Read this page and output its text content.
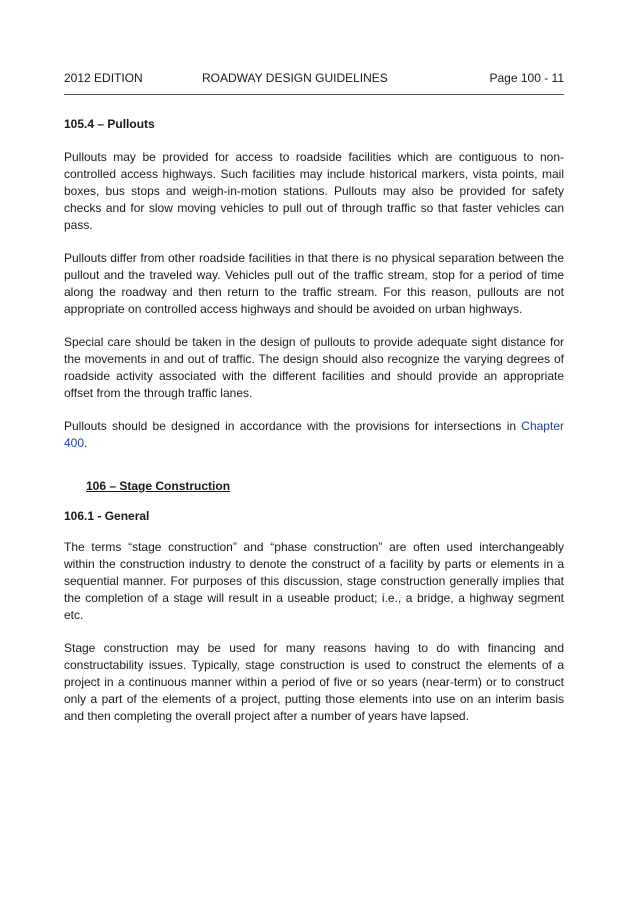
2012 EDITION	ROADWAY DESIGN GUIDELINES	Page 100 - 11
105.4 – Pullouts

Pullouts may be provided for access to roadside facilities which are contiguous to non-controlled access highways. Such facilities may include historical markers, vista points, mail boxes, bus stops and weigh-in-motion stations. Pullouts may also be provided for safety checks and for slow moving vehicles to pull out of through traffic so that faster vehicles can pass.

Pullouts differ from other roadside facilities in that there is no physical separation between the pullout and the traveled way. Vehicles pull out of the traffic stream, stop for a period of time along the roadway and then return to the traffic stream. For this reason, pullouts are not appropriate on controlled access highways and should be avoided on urban highways.

Special care should be taken in the design of pullouts to provide adequate sight distance for the movements in and out of traffic. The design should also recognize the varying degrees of roadside activity associated with the different facilities and should provide an appropriate offset from the through traffic lanes.

Pullouts should be designed in accordance with the provisions for intersections in Chapter 400.

106 – Stage Construction
106.1 - General

The terms “stage construction” and “phase construction” are often used interchangeably within the construction industry to denote the construct of a facility by parts or elements in a sequential manner. For purposes of this discussion, stage construction generally implies that the completion of a stage will result in a useable product; i.e., a bridge, a highway segment etc.

Stage construction may be used for many reasons having to do with financing and constructability issues. Typically, stage construction is used to construct the elements of a project in a continuous manner within a period of five or so years (near-term) or to construct only a part of the elements of a project, putting those elements into use on an interim basis and then completing the overall project after a number of years have lapsed.
